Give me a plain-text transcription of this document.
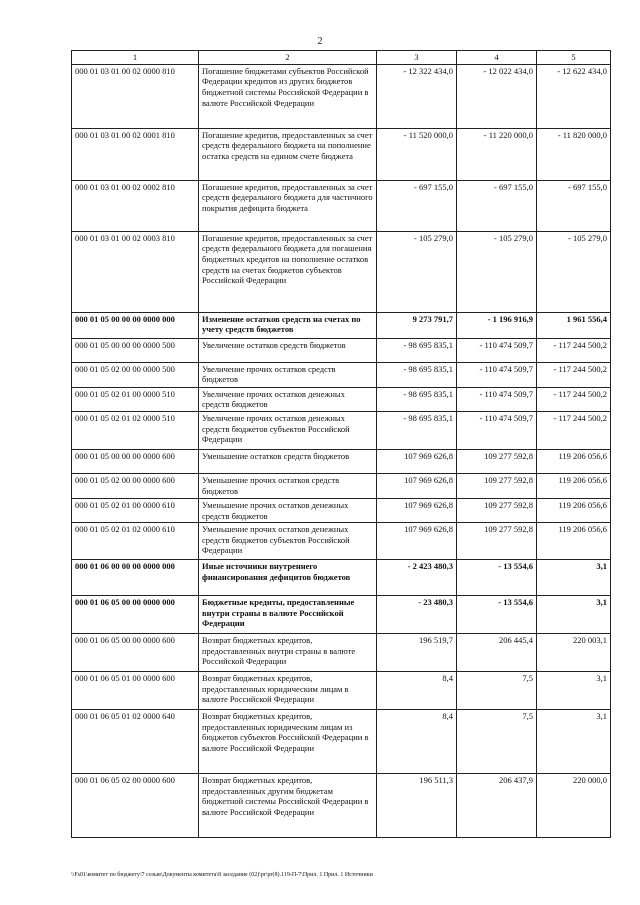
2
1	2	3	4	5
000 01 03 01 00 02 0000 810	Погашение бюджетами субъектов Российской Федерации кредитов из других бюджетов бюджетной системы Российской Федерации в валюте Российской Федерации	- 12 322 434,0	- 12 022 434,0	- 12 622 434,0
000 01 03 01 00 02 0001 810	Погашение кредитов, предоставленных за счет средств федерального бюджета на пополнение остатка средств на едином счете бюджета	- 11 520 000,0	- 11 220 000,0	- 11 820 000,0
000 01 03 01 00 02 0002 810	Погашение кредитов, предоставленных за счет средств федерального бюджета для частичного покрытия дефицита бюджета	- 697 155,0	- 697 155,0	- 697 155,0
000 01 03 01 00 02 0003 810	Погашение кредитов, предоставленных за счет средств федерального бюджета для погашения бюджетных кредитов на пополнение остатков средств на счетах бюджетов субъектов Российской Федерации	- 105 279,0	- 105 279,0	- 105 279,0
000 01 05 00 00 00 0000 000	Изменение остатков средств на счетах по учету средств бюджетов	9 273 791,7	- 1 196 916,9	1 961 556,4
000 01 05 00 00 00 0000 500	Увеличение остатков средств бюджетов	- 98 695 835,1	- 110 474 509,7	- 117 244 500,2
000 01 05 02 00 00 0000 500	Увеличение прочих остатков средств бюджетов	- 98 695 835,1	- 110 474 509,7	- 117 244 500,2
000 01 05 02 01 00 0000 510	Увеличение прочих остатков денежных средств бюджетов	- 98 695 835,1	- 110 474 509,7	- 117 244 500,2
000 01 05 02 01 02 0000 510	Увеличение прочих остатков денежных средств бюджетов субъектов Российской Федерации	- 98 695 835,1	- 110 474 509,7	- 117 244 500,2
000 01 05 00 00 00 0000 600	Уменьшение остатков средств бюджетов	107 969 626,8	109 277 592,8	119 206 056,6
000 01 05 02 00 00 0000 600	Уменьшение прочих остатков средств бюджетов	107 969 626,8	109 277 592,8	119 206 056,6
000 01 05 02 01 00 0000 610	Уменьшение прочих остатков денежных средств бюджетов	107 969 626,8	109 277 592,8	119 206 056,6
000 01 05 02 01 02 0000 610	Уменьшение прочих остатков денежных средств бюджетов субъектов Российской Федерации	107 969 626,8	109 277 592,8	119 206 056,6
000 01 06 00 00 00 0000 000	Иные источники внутреннего финансирования дефицитов бюджетов	- 2 423 480,3	- 13 554,6	3,1
000 01 06 05 00 00 0000 000	Бюджетные кредиты, предоставленные внутри страны в валюте Российской Федерации	- 23 480,3	- 13 554,6	3,1
000 01 06 05 00 00 0000 600	Возврат бюджетных кредитов, предоставленных внутри страны в валюте Российской Федерации	196 519,7	206 445,4	220 003,1
000 01 06 05 01 00 0000 600	Возврат бюджетных кредитов, предоставленных юридическим лицам в валюте Российской Федерации	8,4	7,5	3,1
000 01 06 05 01 02 0000 640	Возврат бюджетных кредитов, предоставленных юридическим лицам из бюджетов субъектов Российской Федерации в валюте Российской Федерации	8,4	7,5	3,1
000 01 06 05 02 00 0000 600	Возврат бюджетных кредитов, предоставленных другим бюджетам бюджетной системы Российской Федерации в валюте Российской Федерации	196 511,3	206 437,9	220 000,0
\\Fs01\комитет по бюджету\7 созыв\Документы комитета\8 заседание (02)\pr\pr(8).119-П-7\Прил. 1 Прил. 1 Источники
